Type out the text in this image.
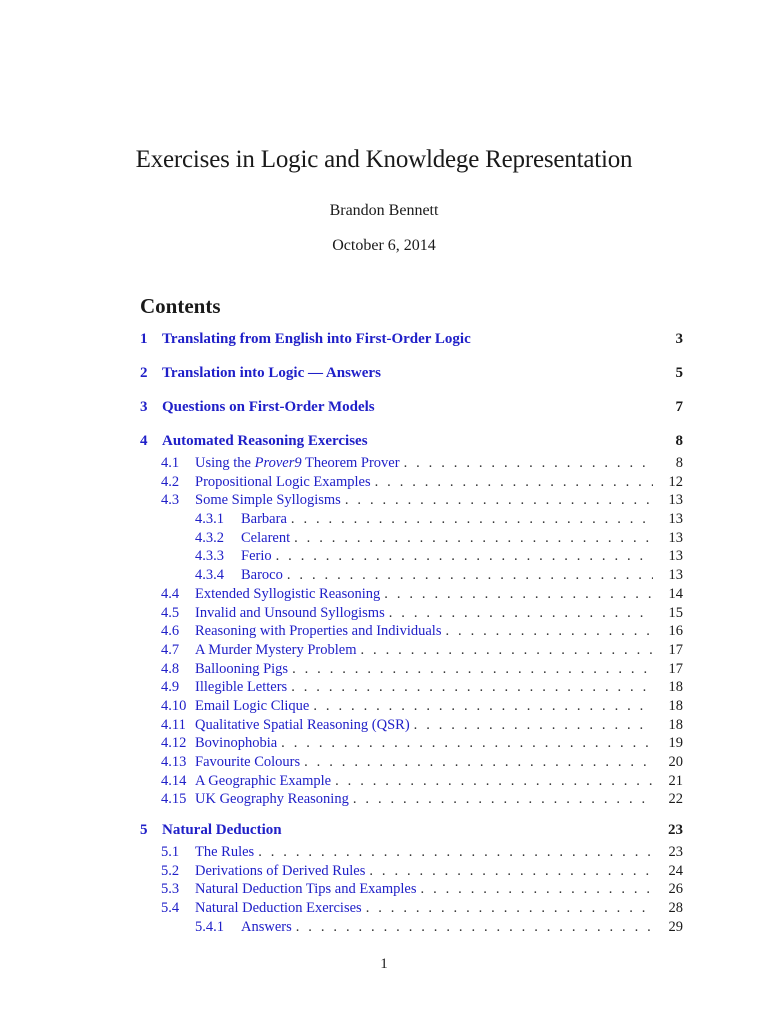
Exercises in Logic and Knowldege Representation
Brandon Bennett
October 6, 2014
Contents
1 Translating from English into First-Order Logic	3
2 Translation into Logic — Answers	5
3 Questions on First-Order Models	7
4 Automated Reasoning Exercises	8
4.1	Using the Prover9 Theorem Prover . . .	8
4.2	Propositional Logic Examples . . .	12
4.3	Some Simple Syllogisms . . .	13
4.3.1	Barbara . . .	13
4.3.2	Celarent . . .	13
4.3.3	Ferio . . .	13
4.3.4	Baroco . . .	13
4.4	Extended Syllogistic Reasoning . . .	14
4.5	Invalid and Unsound Syllogisms . . .	15
4.6	Reasoning with Properties and Individuals . . .	16
4.7	A Murder Mystery Problem . . .	17
4.8	Ballooning Pigs . . .	17
4.9	Illegible Letters . . .	18
4.10 Email Logic Clique . . .	18
4.11 Qualitative Spatial Reasoning (QSR) . . .	18
4.12 Bovinophobia . . .	19
4.13 Favourite Colours . . .	20
4.14 A Geographic Example . . .	21
4.15 UK Geography Reasoning . . .	22
5 Natural Deduction	23
5.1	The Rules . . .	23
5.2	Derivations of Derived Rules . . .	24
5.3	Natural Deduction Tips and Examples . . .	26
5.4	Natural Deduction Exercises . . .	28
5.4.1	Answers . . .	29
1
